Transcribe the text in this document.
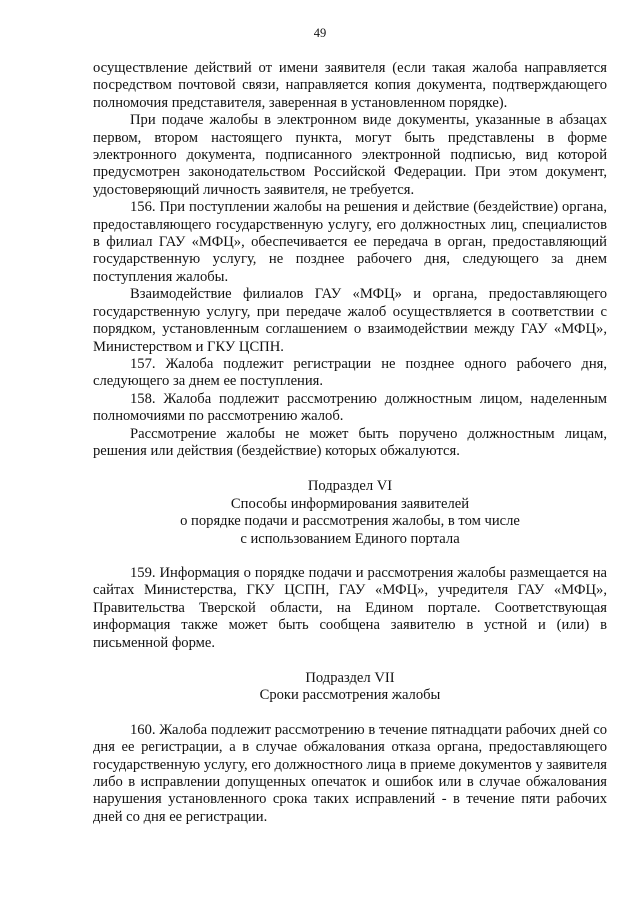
49

осуществление действий от имени заявителя (если такая жалоба направляется посредством почтовой связи, направляется копия документа, подтверждающего полномочия представителя, заверенная в установленном порядке).

При подаче жалобы в электронном виде документы, указанные в абзацах первом, втором настоящего пункта, могут быть представлены в форме электронного документа, подписанного электронной подписью, вид которой предусмотрен законодательством Российской Федерации. При этом документ, удостоверяющий личность заявителя, не требуется.

156. При поступлении жалобы на решения и действие (бездействие) органа, предоставляющего государственную услугу, его должностных лиц, специалистов в филиал ГАУ «МФЦ», обеспечивается ее передача в орган, предоставляющий государственную услугу, не позднее рабочего дня, следующего за днем поступления жалобы.

Взаимодействие филиалов ГАУ «МФЦ» и органа, предоставляющего государственную услугу, при передаче жалоб осуществляется в соответствии с порядком, установленным соглашением о взаимодействии между ГАУ «МФЦ», Министерством и ГКУ ЦСПН.

157. Жалоба подлежит регистрации не позднее одного рабочего дня, следующего за днем ее поступления.

158. Жалоба подлежит рассмотрению должностным лицом, наделенным полномочиями по рассмотрению жалоб.

Рассмотрение жалобы не может быть поручено должностным лицам, решения или действия (бездействие) которых обжалуются.

Подраздел VI
Способы информирования заявителей
о порядке подачи и рассмотрения жалобы, в том числе
с использованием Единого портала

159. Информация о порядке подачи и рассмотрения жалобы размещается на сайтах Министерства, ГКУ ЦСПН, ГАУ «МФЦ», учредителя ГАУ «МФЦ», Правительства Тверской области, на Едином портале. Соответствующая информация также может быть сообщена заявителю в устной и (или) в письменной форме.

Подраздел VII
Сроки рассмотрения жалобы

160. Жалоба подлежит рассмотрению в течение пятнадцати рабочих дней со дня ее регистрации, а в случае обжалования отказа органа, предоставляющего государственную услугу, его должностного лица в приеме документов у заявителя либо в исправлении допущенных опечаток и ошибок или в случае обжалования нарушения установленного срока таких исправлений - в течение пяти рабочих дней со дня ее регистрации.
